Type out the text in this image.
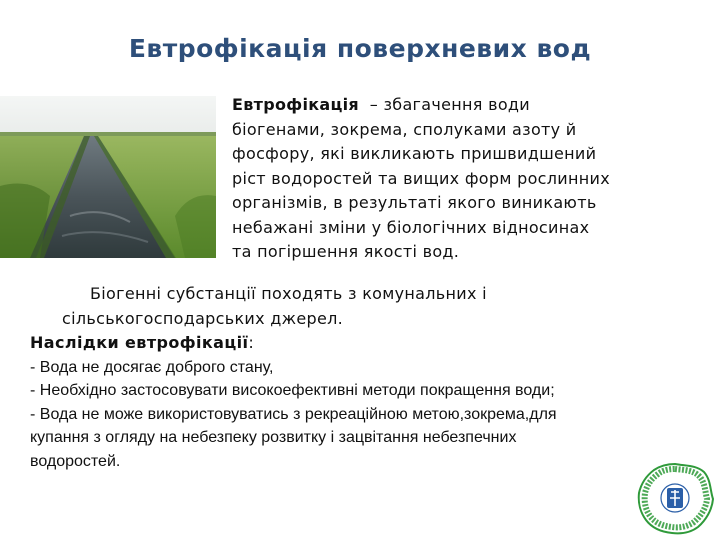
Евтрофікація поверхневих вод
Евтрофікація  – збагачення води
біогенами, зокрема, сполуками азоту й
фосфору, які викликають пришвидшений
ріст водоростей та вищих форм рослинних
організмів, в результаті якого виникають
небажані зміни у біологічних відносинах
та погіршення якості вод.
Біогенні субстанції походять з комунальних і
сільськогосподарських джерел.
Наслідки евтрофікації:
- Вода не досягає доброго стану,
- Необхідно застосовувати високоефективні методи покращення води;
- Вода не може використовуватись з рекреаційною метою,зокрема,для
купання з огляду на небезпеку розвитку і зацвітання небезпечних
водоростей.
